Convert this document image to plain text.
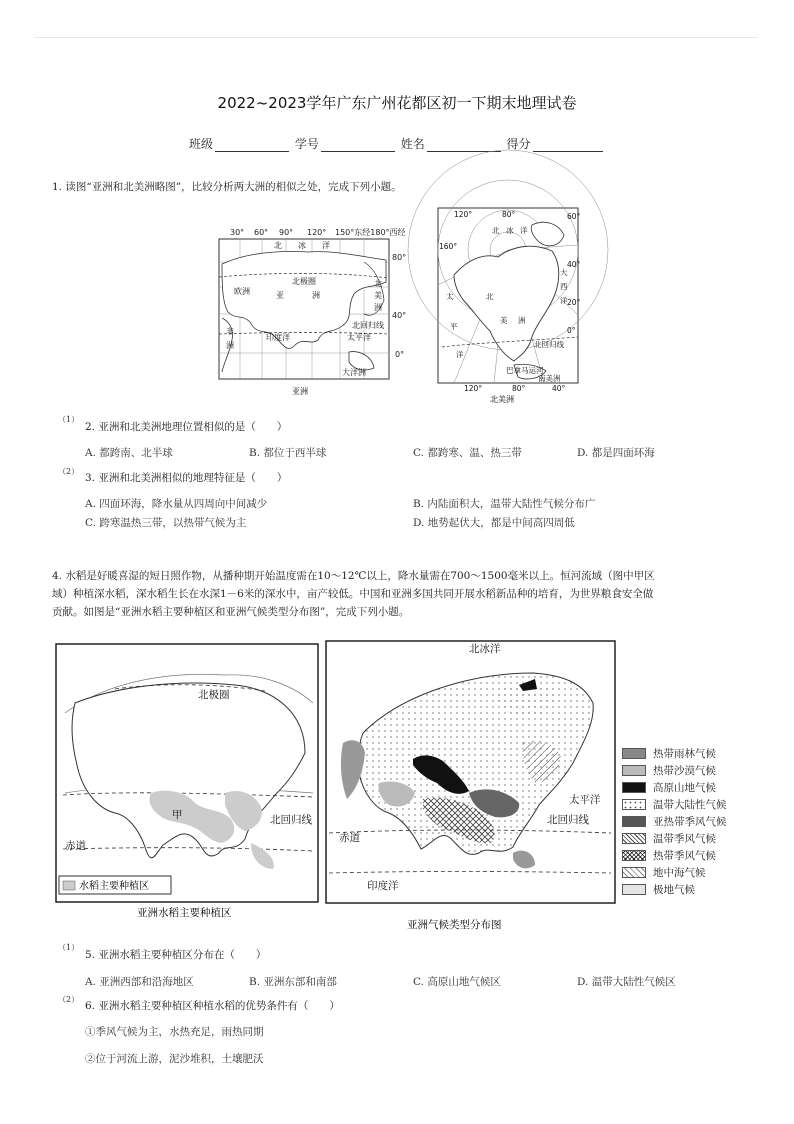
2022~2023学年广东广州花都区初一下期末地理试卷
班级	学号	姓名	得分
1. 读图“亚洲和北美洲略图”，比较分析两大洲的相似之处，完成下列小题。
30° 60° 90° 120° 150°东经180°西经
80°
40°
0°
北 冰 洋
北极圈
欧洲	亚	洲
北
美
洲
北回归线
太平洋
非
洲
印度洋
大洋洲
亚洲
120°	80°
160°
60°
40°
20°
0°
120°	80°	40°
北 冰 洋
大
西
洋
太
平
洋
北
美 洲
北回归线
巴拿马运河
南美洲
北美洲
（1）
2. 亚洲和北美洲地理位置相似的是（　　）
A. 都跨南、北半球	B. 都位于西半球	C. 都跨寒、温、热三带	D. 都是四面环海
（2）
3. 亚洲和北美洲相似的地理特征是（　　）
A. 四面环海，降水量从四周向中间减少	B. 内陆面积大，温带大陆性气候分布广
C. 跨寒温热三带，以热带气候为主	D. 地势起伏大，都是中间高四周低
4. 水稻是好暖喜湿的短日照作物，从播种期开始温度需在10～12℃以上，降水量需在700～1500毫米以上。恒河流域（图中甲区
域）种植深水稻，深水稻生长在水深1－6米的深水中，亩产较低。中国和亚洲多国共同开展水稻新品种的培育，为世界粮食安全做
贡献。如图是“亚洲水稻主要种植区和亚洲气候类型分布图”，完成下列小题。
北极圈
甲	北回归线
赤道
水稻主要种植区
亚洲水稻主要种植区
北冰洋
太平洋
北回归线
赤道
印度洋
亚洲气候类型分布图
热带雨林气候
热带沙漠气候
高原山地气候
温带大陆性气候
亚热带季风气候
温带季风气候
热带季风气候
地中海气候
极地气候
（1）
5. 亚洲水稻主要种植区分布在（　　）
A. 亚洲西部和沿海地区	B. 亚洲东部和南部	C. 高原山地气候区	D. 温带大陆性气候区
（2）
6. 亚洲水稻主要种植区种植水稻的优势条件有（　　）
①季风气候为主，水热充足，雨热同期
②位于河流上游，泥沙堆积，土壤肥沃
